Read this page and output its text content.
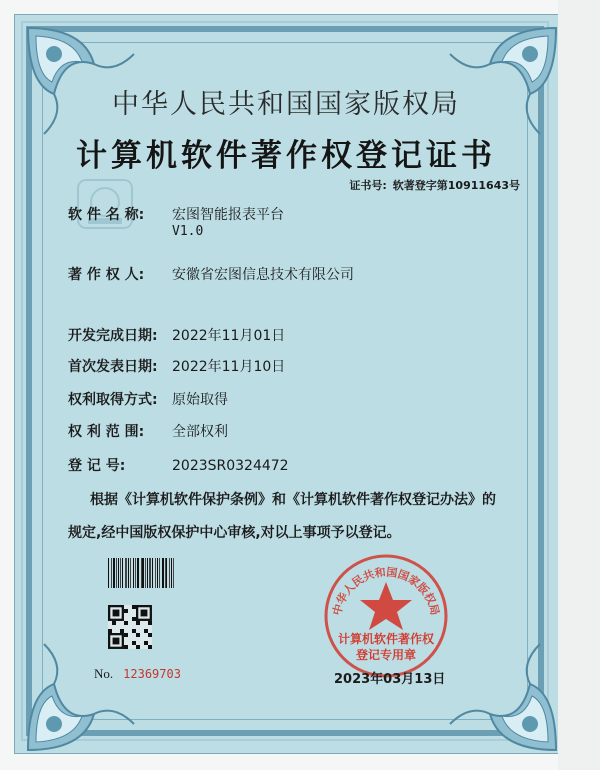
中华人民共和国国家版权局
计算机软件著作权登记证书
证书号: 软著登字第10911643号
软 件 名 称: 宏图智能报表平台
V1.0
著 作 权 人: 安徽省宏图信息技术有限公司
开发完成日期: 2022年11月01日
首次发表日期: 2022年11月10日
权利取得方式: 原始取得
权 利 范 围: 全部权利
登 记 号:	2023SR0324472
根据《计算机软件保护条例》和《计算机软件著作权登记办法》的
规定,经中国版权保护中心审核,对以上事项予以登记。
No. 12369703
中华人民共和国国家版权局
计算机软件著作权
登记专用章
2023年03月13日
